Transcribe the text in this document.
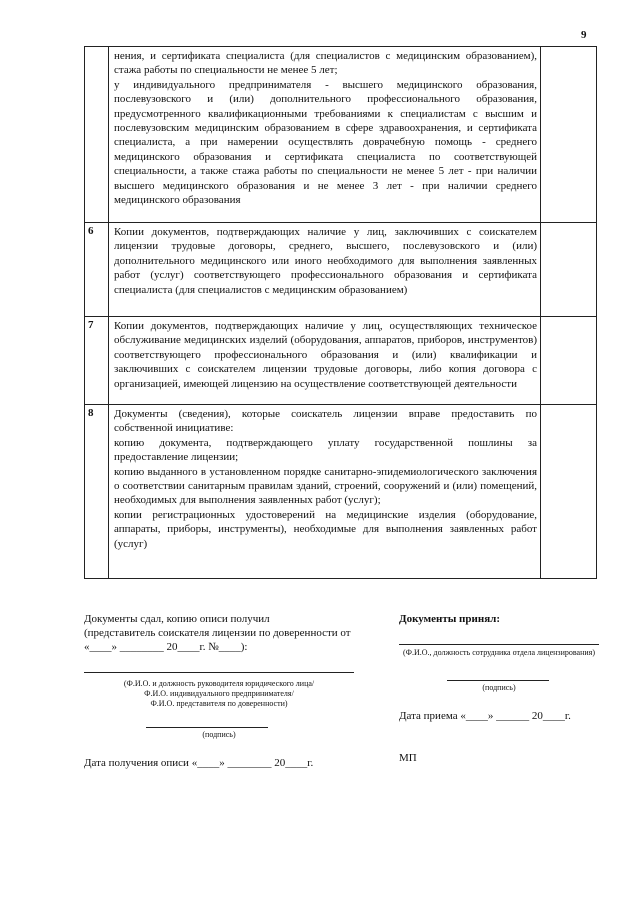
9

	нения, и сертификата специалиста (для специалистов с медицинским образованием), стажа работы по специальности не менее 5 лет;
у индивидуального предпринимателя - высшего медицинского образования, послевузовского и (или) дополнительного профессионального образования, предусмотренного квалификационными требованиями к специалистам с высшим и послевузовским медицинским образованием в сфере здравоохранения, и сертификата специалиста, а при намерении осуществлять доврачебную помощь - среднего медицинского образования и сертификата специалиста по соответствующей специальности, а также стажа работы по специальности не менее 5 лет - при наличии высшего медицинского образования и не менее 3 лет - при наличии среднего медицинского образования	

6	Копии документов, подтверждающих наличие у лиц, заключивших с соискателем лицензии трудовые договоры, среднего, высшего, послевузовского и (или) дополнительного медицинского или иного необходимого для выполнения заявленных работ (услуг) соответствующего профессионального образования и сертификата специалиста (для специалистов с медицинским образованием)	

7	Копии документов, подтверждающих наличие у лиц, осуществляющих техническое обслуживание медицинских изделий (оборудования, аппаратов, приборов, инструментов) соответствующего профессионального образования и (или) квалификации и заключивших с соискателем лицензии трудовые договоры, либо копия договора с организацией, имеющей лицензию на осуществление соответствующей деятельности	

8	Документы (сведения), которые соискатель лицензии вправе предоставить по собственной инициативе:
копию документа, подтверждающего уплату государственной пошлины за предоставление лицензии;
копию выданного в установленном порядке санитарно-эпидемиологического заключения о соответствии санитарным правилам зданий, строений, сооружений и (или) помещений, необходимых для выполнения заявленных работ (услуг);
копии регистрационных удостоверений на медицинские изделия (оборудование, аппараты, приборы, инструменты), необходимые для выполнения заявленных работ (услуг)	

Документы сдал, копию описи получил
(представитель соискателя лицензии по доверенности от «____» ________ 20____г. №____):
(Ф.И.О. и должность руководителя юридического лица/
Ф.И.О. индивидуального предпринимателя/
Ф.И.О. представителя по доверенности)
(подпись)
Дата получения описи «____» ________ 20____г.
Документы принял:
(Ф.И.О., должность сотрудника отдела лицензирования)
(подпись)
Дата приема «____» ______ 20____г.
МП
